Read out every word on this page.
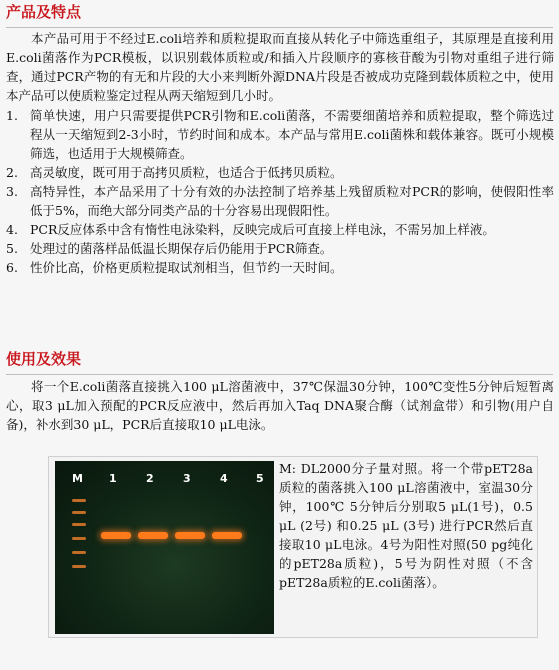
产品及特点
本产品可用于不经过E.coli培养和质粒提取而直接从转化子中筛选重组子，其原理是直接利用E.coli菌落作为PCR模板，以识别载体质粒或/和插入片段顺序的寡核苷酸为引物对重组子进行筛查，通过PCR产物的有无和片段的大小来判断外源DNA片段是否被成功克隆到载体质粒之中，使用本产品可以使质粒鉴定过程从两天缩短到几小时。
1. 简单快速，用户只需要提供PCR引物和E.coli菌落，不需要细菌培养和质粒提取，整个筛选过程从一天缩短到2-3小时，节约时间和成本。本产品与常用E.coli菌株和载体兼容。既可小规模筛选，也适用于大规模筛查。
2. 高灵敏度，既可用于高拷贝质粒，也适合于低拷贝质粒。
3. 高特异性，本产品采用了十分有效的办法控制了培养基上残留质粒对PCR的影响，使假阳性率低于5%，而绝大部分同类产品的十分容易出现假阳性。
4. PCR反应体系中含有惰性电泳染料，反映完成后可直接上样电泳，不需另加上样液。
5. 处理过的菌落样品低温长期保存后仍能用于PCR筛查。
6. 性价比高，价格更质粒提取试剂相当，但节约一天时间。
使用及效果
将一个E.coli菌落直接挑入100 μL溶菌液中，37℃保温30分钟，100℃变性5分钟后短暂离心，取3 μL加入预配的PCR反应液中，然后再加入Taq DNA聚合酶（试剂盒带）和引物(用户自备)，补水到30 μL，PCR后直接取10 μL电泳。
M 1	2	3	4	5
M: DL2000分子量对照。将一个带pET28a质粒的菌落挑入100 μL溶菌液中，室温30分钟，100℃ 5分钟后分别取5 μL(1号)，0.5 μL (2号) 和0.25 μL (3号) 进行PCR然后直接取10 μL电泳。4号为阳性对照(50 pg纯化的pET28a质粒)，5号为阴性对照（不含pET28a质粒的E.coli菌落）。
